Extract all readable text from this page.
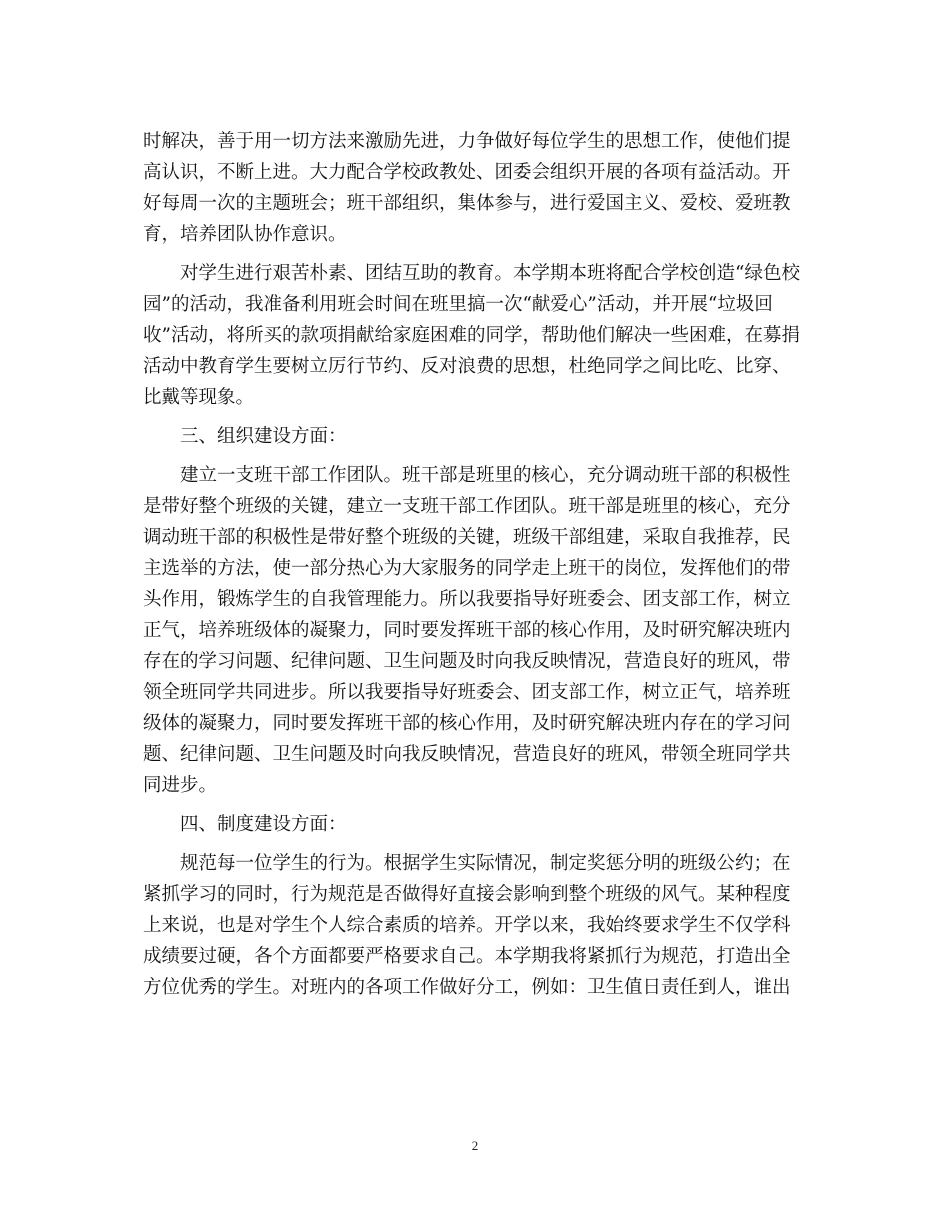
时解决，善于用一切方法来激励先进，力争做好每位学生的思想工作，使他们提
高认识，不断上进。大力配合学校政教处、团委会组织开展的各项有益活动。开
好每周一次的主题班会；班干部组织，集体参与，进行爱国主义、爱校、爱班教
育，培养团队协作意识。
对学生进行艰苦朴素、团结互助的教育。本学期本班将配合学校创造“绿色校
园”的活动，我准备利用班会时间在班里搞一次“献爱心”活动，并开展“垃圾回
收”活动，将所买的款项捐献给家庭困难的同学，帮助他们解决一些困难，在募捐
活动中教育学生要树立厉行节约、反对浪费的思想，杜绝同学之间比吃、比穿、
比戴等现象。
三、组织建设方面：
建立一支班干部工作团队。班干部是班里的核心，充分调动班干部的积极性
是带好整个班级的关键，建立一支班干部工作团队。班干部是班里的核心，充分
调动班干部的积极性是带好整个班级的关键，班级干部组建，采取自我推荐，民
主选举的方法，使一部分热心为大家服务的同学走上班干的岗位，发挥他们的带
头作用，锻炼学生的自我管理能力。所以我要指导好班委会、团支部工作，树立
正气，培养班级体的凝聚力，同时要发挥班干部的核心作用，及时研究解决班内
存在的学习问题、纪律问题、卫生问题及时向我反映情况，营造良好的班风，带
领全班同学共同进步。所以我要指导好班委会、团支部工作，树立正气，培养班
级体的凝聚力，同时要发挥班干部的核心作用，及时研究解决班内存在的学习问
题、纪律问题、卫生问题及时向我反映情况，营造良好的班风，带领全班同学共
同进步。
四、制度建设方面：
规范每一位学生的行为。根据学生实际情况，制定奖惩分明的班级公约；在
紧抓学习的同时，行为规范是否做得好直接会影响到整个班级的风气。某种程度
上来说，也是对学生个人综合素质的培养。开学以来，我始终要求学生不仅学科
成绩要过硬，各个方面都要严格要求自己。本学期我将紧抓行为规范，打造出全
方位优秀的学生。对班内的各项工作做好分工，例如：卫生值日责任到人，谁出
2
